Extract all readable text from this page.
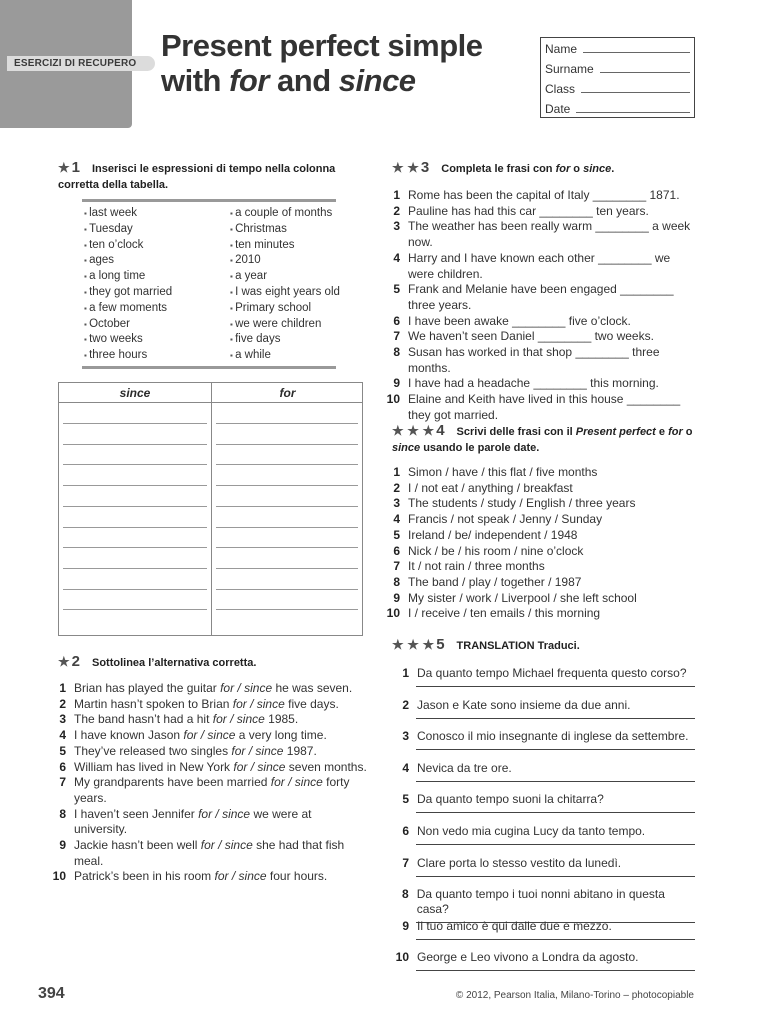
ESERCIZI DI RECUPERO
Present perfect simple
with for and since
Name
Surname
Class
Date
★ 1 Inserisci le espressioni di tempo nella colonna
corretta della tabella.
▪ last week
▪ Tuesday
▪ ten o’clock
▪ ages
▪ a long time
▪ they got married
▪ a few moments
▪ October
▪ two weeks
▪ three hours
▪ a couple of months
▪ Christmas
▪ ten minutes
▪ 2010
▪ a year
▪ I was eight years old
▪ Primary school
▪ we were children
▪ five days
▪ a while
since	for
★ 2 Sottolinea l’alternativa corretta.
1 Brian has played the guitar for / since he was seven.
2 Martin hasn’t spoken to Brian for / since five days.
3 The band hasn’t had a hit for / since 1985.
4 I have known Jason for / since a very long time.
5 They’ve released two singles for / since 1987.
6 William has lived in New York for / since seven months.
7 My grandparents have been married for / since forty years.
8 I haven’t seen Jennifer for / since we were at university.
9 Jackie hasn’t been well for / since she had that fish meal.
10 Patrick’s been in his room for / since four hours.
★ ★ 3 Completa le frasi con for o since.
1 Rome has been the capital of Italy ________ 1871.
2 Pauline has had this car ________ ten years.
3 The weather has been really warm ________ a week now.
4 Harry and I have known each other ________ we were children.
5 Frank and Melanie have been engaged ________ three years.
6 I have been awake ________ five o’clock.
7 We haven’t seen Daniel ________ two weeks.
8 Susan has worked in that shop ________ three months.
9 I have had a headache ________ this morning.
10 Elaine and Keith have lived in this house ________ they got married.
★ ★ ★ 4 Scrivi delle frasi con il Present perfect e for o
since usando le parole date.
1 Simon / have / this flat / five months
2 I / not eat / anything / breakfast
3 The students / study / English / three years
4 Francis / not speak / Jenny / Sunday
5 Ireland / be/ independent / 1948
6 Nick / be / his room / nine o’clock
7 It / not rain / three months
8 The band / play / together / 1987
9 My sister / work / Liverpool / she left school
10 I / receive / ten emails / this morning
★ ★ ★ 5 TRANSLATION Traduci.
1 Da quanto tempo Michael frequenta questo corso?
2 Jason e Kate sono insieme da due anni.
3 Conosco il mio insegnante di inglese da settembre.
4 Nevica da tre ore.
5 Da quanto tempo suoni la chitarra?
6 Non vedo mia cugina Lucy da tanto tempo.
7 Clare porta lo stesso vestito da lunedì.
8 Da quanto tempo i tuoi nonni abitano in questa casa?
9 Il tuo amico è qui dalle due e mezzo.
10 George e Leo vivono a Londra da agosto.
394	© 2012, Pearson Italia, Milano-Torino – photocopiable
